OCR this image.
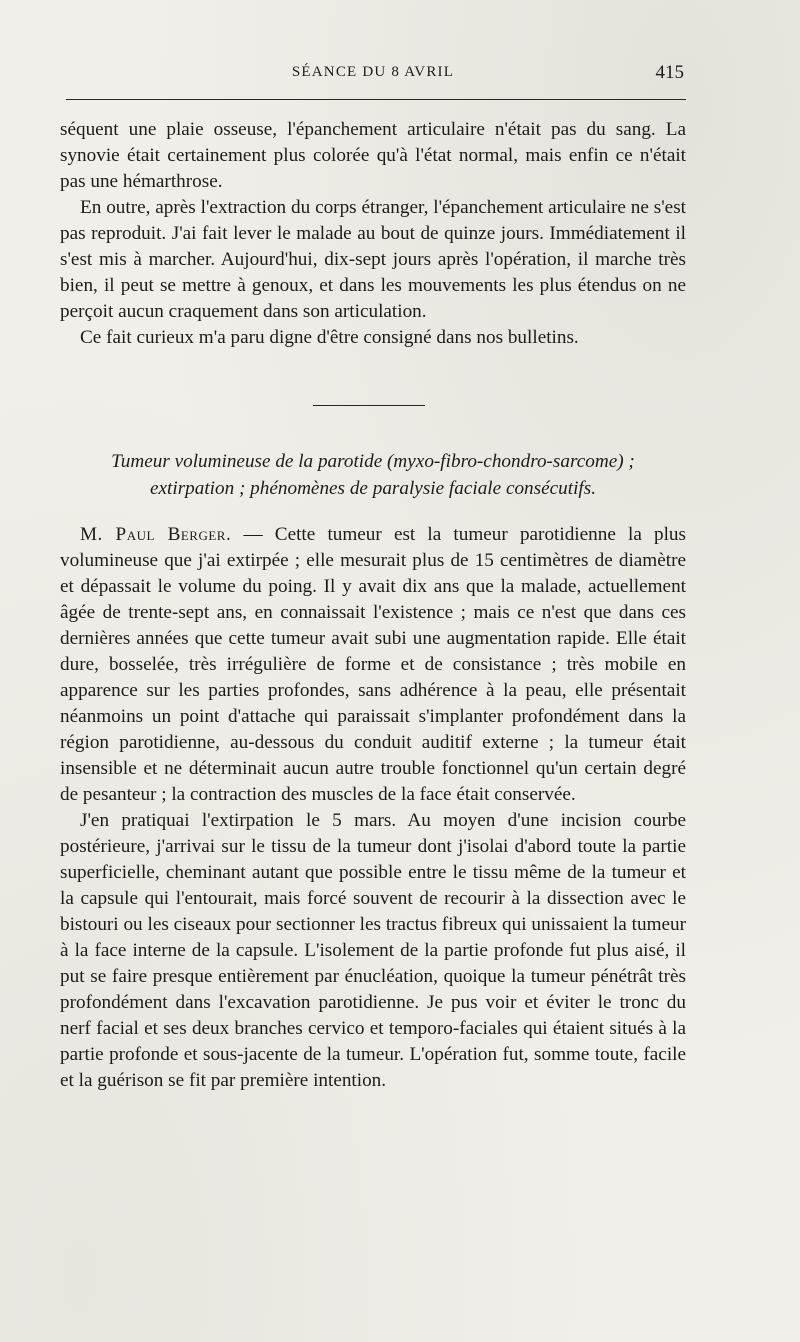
SÉANCE DU 8 AVRIL	415

séquent une plaie osseuse, l'épanchement articulaire n'était pas du sang. La synovie était certainement plus colorée qu'à l'état normal, mais enfin ce n'était pas une hémarthrose.

En outre, après l'extraction du corps étranger, l'épanchement articulaire ne s'est pas reproduit. J'ai fait lever le malade au bout de quinze jours. Immédiatement il s'est mis à marcher. Aujourd'hui, dix-sept jours après l'opération, il marche très bien, il peut se mettre à genoux, et dans les mouvements les plus étendus on ne perçoit aucun craquement dans son articulation.

Ce fait curieux m'a paru digne d'être consigné dans nos bulletins.

Tumeur volumineuse de la parotide (myxo-fibro-chondro-sarcome) ;
extirpation ; phénomènes de paralysie faciale consécutifs.

M. Paul Berger. — Cette tumeur est la tumeur parotidienne la plus volumineuse que j'ai extirpée ; elle mesurait plus de 15 centimètres de diamètre et dépassait le volume du poing. Il y avait dix ans que la malade, actuellement âgée de trente-sept ans, en connaissait l'existence ; mais ce n'est que dans ces dernières années que cette tumeur avait subi une augmentation rapide. Elle était dure, bosselée, très irrégulière de forme et de consistance ; très mobile en apparence sur les parties profondes, sans adhérence à la peau, elle présentait néanmoins un point d'attache qui paraissait s'implanter profondément dans la région parotidienne, au-dessous du conduit auditif externe ; la tumeur était insensible et ne déterminait aucun autre trouble fonctionnel qu'un certain degré de pesanteur ; la contraction des muscles de la face était conservée.

J'en pratiquai l'extirpation le 5 mars. Au moyen d'une incision courbe postérieure, j'arrivai sur le tissu de la tumeur dont j'isolai d'abord toute la partie superficielle, cheminant autant que possible entre le tissu même de la tumeur et la capsule qui l'entourait, mais forcé souvent de recourir à la dissection avec le bistouri ou les ciseaux pour sectionner les tractus fibreux qui unissaient la tumeur à la face interne de la capsule. L'isolement de la partie profonde fut plus aisé, il put se faire presque entièrement par énucléation, quoique la tumeur pénétrât très profondément dans l'excavation parotidienne. Je pus voir et éviter le tronc du nerf facial et ses deux branches cervico et temporo-faciales qui étaient situés à la partie profonde et sous-jacente de la tumeur. L'opération fut, somme toute, facile et la guérison se fit par première intention.
